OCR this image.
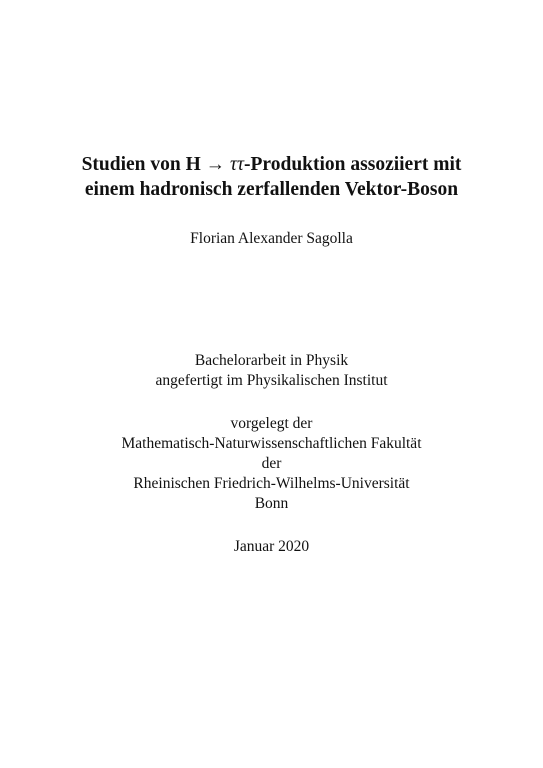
Studien von H → ττ-Produktion assoziiert mit
einem hadronisch zerfallenden Vektor-Boson
Florian Alexander Sagolla
Bachelorarbeit in Physik
angefertigt im Physikalischen Institut
vorgelegt der
Mathematisch-Naturwissenschaftlichen Fakultät
der
Rheinischen Friedrich-Wilhelms-Universität
Bonn
Januar 2020
